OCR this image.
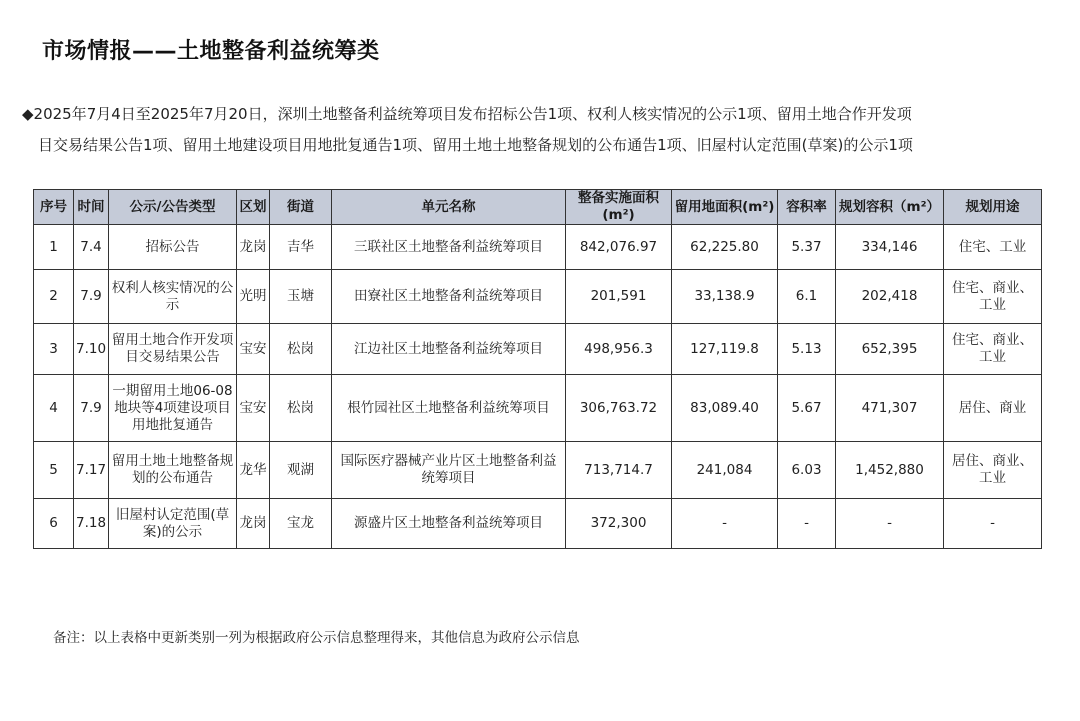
市场情报——土地整备利益统筹类
◆2025年7月4日至2025年7月20日，深圳土地整备利益统筹项目发布招标公告1项、权利人核实情况的公示1项、留用土地合作开发项
目交易结果公告1项、留用土地建设项目用地批复通告1项、留用土地土地整备规划的公布通告1项、旧屋村认定范围(草案)的公示1项
序号	时间	公示/公告类型	区划	街道	单元名称	整备实施面积(m²)	留用地面积(m²)	容积率	规划容积（m²）	规划用途
1	7.4	招标公告	龙岗	吉华	三联社区土地整备利益统筹项目	842,076.97	62,225.80	5.37	334,146	住宅、工业
2	7.9	权利人核实情况的公示	光明	玉塘	田寮社区土地整备利益统筹项目	201,591	33,138.9	6.1	202,418	住宅、商业、工业
3	7.10	留用土地合作开发项目交易结果公告	宝安	松岗	江边社区土地整备利益统筹项目	498,956.3	127,119.8	5.13	652,395	住宅、商业、工业
4	7.9	一期留用土地06-08地块等4项建设项目用地批复通告	宝安	松岗	根竹园社区土地整备利益统筹项目	306,763.72	83,089.40	5.67	471,307	居住、商业
5	7.17	留用土地土地整备规划的公布通告	龙华	观湖	国际医疗器械产业片区土地整备利益统筹项目	713,714.7	241,084	6.03	1,452,880	居住、商业、工业
6	7.18	旧屋村认定范围(草案)的公示	龙岗	宝龙	源盛片区土地整备利益统筹项目	372,300	-	-	-	-
备注：以上表格中更新类别一列为根据政府公示信息整理得来，其他信息为政府公示信息
